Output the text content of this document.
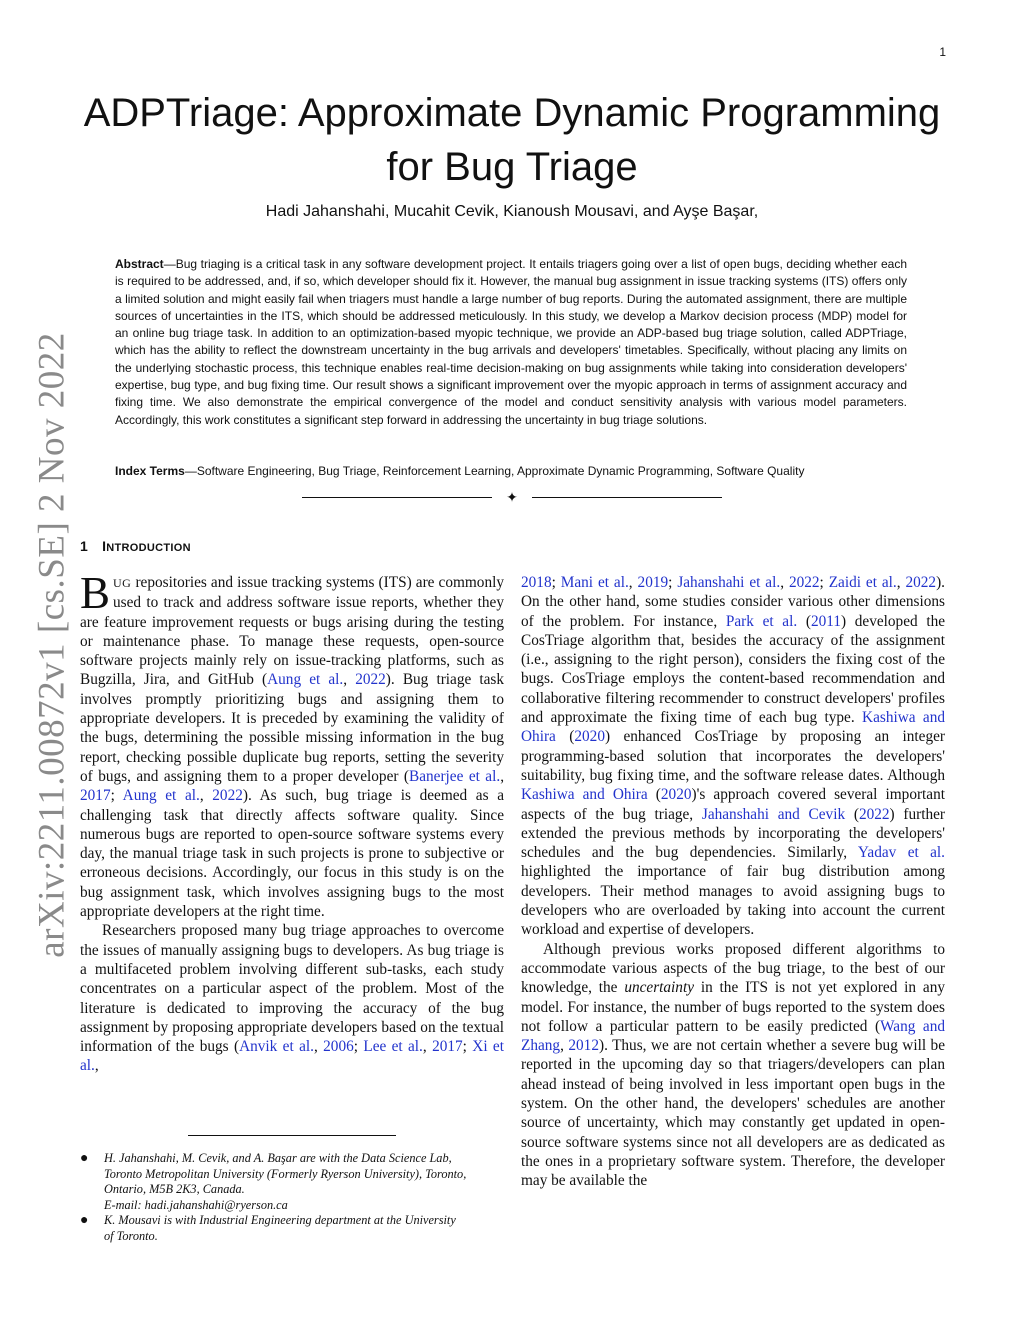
1
arXiv:2211.00872v1 [cs.SE] 2 Nov 2022
ADPTriage: Approximate Dynamic Programming
for Bug Triage
Hadi Jahanshahi, Mucahit Cevik, Kianoush Mousavi, and Ayşe Başar,
Abstract—Bug triaging is a critical task in any software development project. It entails triagers going over a list of open bugs, deciding whether each is required to be addressed, and, if so, which developer should fix it. However, the manual bug assignment in issue tracking systems (ITS) offers only a limited solution and might easily fail when triagers must handle a large number of bug reports. During the automated assignment, there are multiple sources of uncertainties in the ITS, which should be addressed meticulously. In this study, we develop a Markov decision process (MDP) model for an online bug triage task. In addition to an optimization-based myopic technique, we provide an ADP-based bug triage solution, called ADPTriage, which has the ability to reflect the downstream uncertainty in the bug arrivals and developers' timetables. Specifically, without placing any limits on the underlying stochastic process, this technique enables real-time decision-making on bug assignments while taking into consideration developers' expertise, bug type, and bug fixing time. Our result shows a significant improvement over the myopic approach in terms of assignment accuracy and fixing time. We also demonstrate the empirical convergence of the model and conduct sensitivity analysis with various model parameters. Accordingly, this work constitutes a significant step forward in addressing the uncertainty in bug triage solutions.
Index Terms—Software Engineering, Bug Triage, Reinforcement Learning, Approximate Dynamic Programming, Software Quality
✦
1 INTRODUCTION

BUG repositories and issue tracking systems (ITS) are commonly used to track and address software issue reports, whether they are feature improvement requests or bugs arising during the testing or maintenance phase. To manage these requests, open-source software projects mainly rely on issue-tracking platforms, such as Bugzilla, Jira, and GitHub (Aung et al., 2022). Bug triage task involves promptly prioritizing bugs and assigning them to appropriate developers. It is preceded by examining the validity of the bugs, determining the possible missing information in the bug report, checking possible duplicate bug reports, setting the severity of bugs, and assigning them to a proper developer (Banerjee et al., 2017; Aung et al., 2022). As such, bug triage is deemed as a challenging task that directly affects software quality. Since numerous bugs are reported to open-source software systems every day, the manual triage task in such projects is prone to subjective or erroneous decisions. Accordingly, our focus in this study is on the bug assignment task, which involves assigning bugs to the most appropriate developers at the right time.

Researchers proposed many bug triage approaches to overcome the issues of manually assigning bugs to developers. As bug triage is a multifaceted problem involving different sub-tasks, each study concentrates on a particular aspect of the problem. Most of the literature is dedicated to improving the accuracy of the bug assignment by proposing appropriate developers based on the textual information of the bugs (Anvik et al., 2006; Lee et al., 2017; Xi et al.,

2018; Mani et al., 2019; Jahanshahi et al., 2022; Zaidi et al., 2022). On the other hand, some studies consider various other dimensions of the problem. For instance, Park et al. (2011) developed the CosTriage algorithm that, besides the accuracy of the assignment (i.e., assigning to the right person), considers the fixing cost of the bugs. CosTriage employs the content-based recommendation and collaborative filtering recommender to construct developers' profiles and approximate the fixing time of each bug type. Kashiwa and Ohira (2020) enhanced CosTriage by proposing an integer programming-based solution that incorporates the developers' suitability, bug fixing time, and the software release dates. Although Kashiwa and Ohira (2020)'s approach covered several important aspects of the bug triage, Jahanshahi and Cevik (2022) further extended the previous methods by incorporating the developers' schedules and the bug dependencies. Similarly, Yadav et al. highlighted the importance of fair bug distribution among developers. Their method manages to avoid assigning bugs to developers who are overloaded by taking into account the current workload and expertise of developers.

Although previous works proposed different algorithms to accommodate various aspects of the bug triage, to the best of our knowledge, the uncertainty in the ITS is not yet explored in any model. For instance, the number of bugs reported to the system does not follow a particular pattern to be easily predicted (Wang and Zhang, 2012). Thus, we are not certain whether a severe bug will be reported in the upcoming day so that triagers/developers can plan ahead instead of being involved in less important open bugs in the system. On the other hand, the developers' schedules are another source of uncertainty, which may constantly get updated in open-source software systems since not all developers are as dedicated as the ones in a proprietary software system. Therefore, the developer may be available the

● H. Jahanshahi, M. Cevik, and A. Başar are with the Data Science Lab,
Toronto Metropolitan University (Formerly Ryerson University), Toronto,
Ontario, M5B 2K3, Canada.
E-mail: hadi.jahanshahi@ryerson.ca
● K. Mousavi is with Industrial Engineering department at the University
of Toronto.
